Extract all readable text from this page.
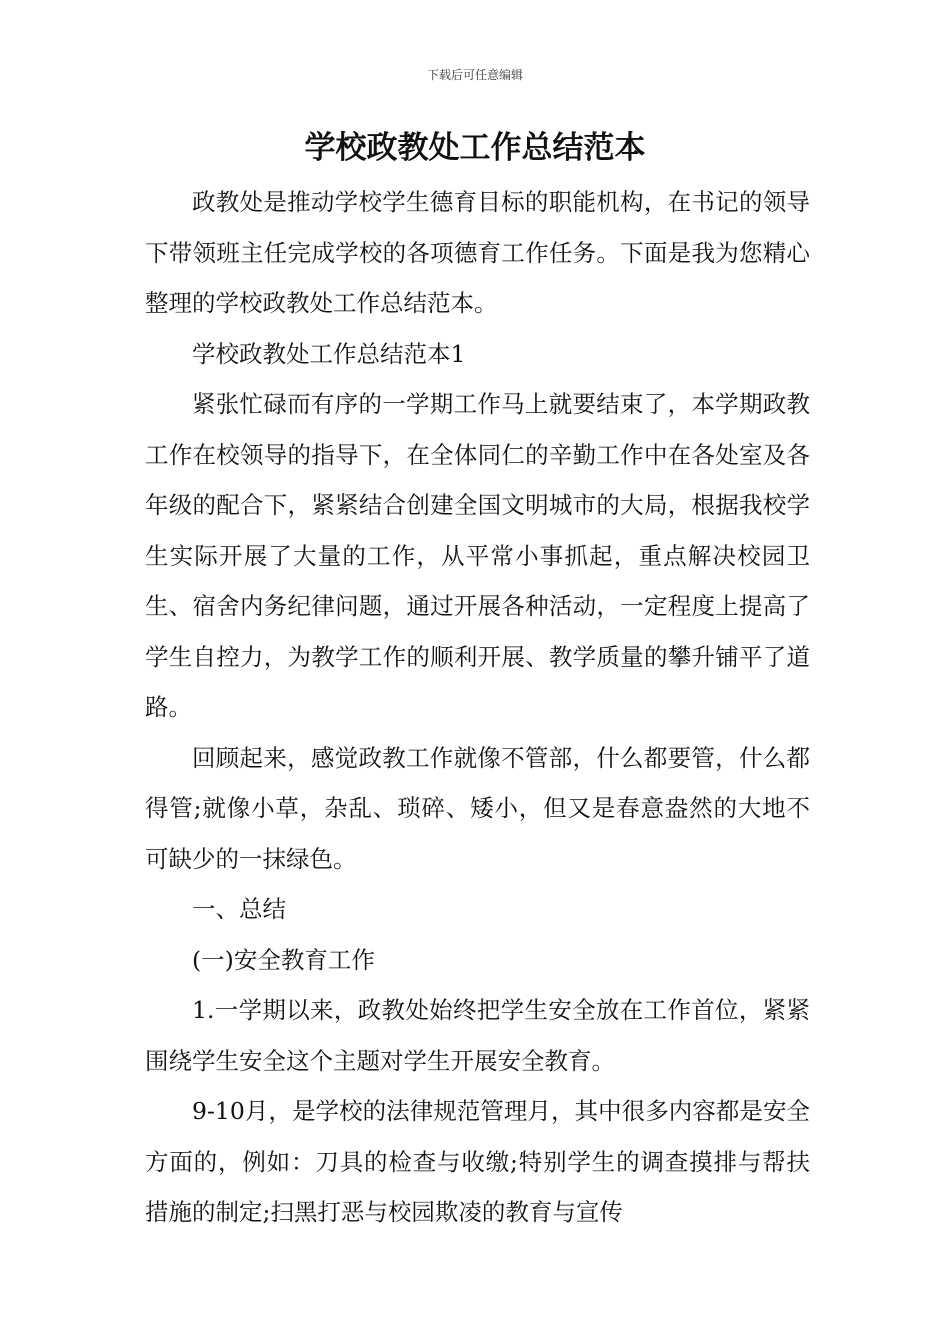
下载后可任意编辑
学校政教处工作总结范本

政教处是推动学校学生德育目标的职能机构，在书记的领导下带领班主任完成学校的各项德育工作任务。下面是我为您精心整理的学校政教处工作总结范本。

学校政教处工作总结范本1

紧张忙碌而有序的一学期工作马上就要结束了，本学期政教工作在校领导的指导下，在全体同仁的辛勤工作中在各处室及各年级的配合下，紧紧结合创建全国文明城市的大局，根据我校学生实际开展了大量的工作，从平常小事抓起，重点解决校园卫生、宿舍内务纪律问题，通过开展各种活动，一定程度上提高了学生自控力，为教学工作的顺利开展、教学质量的攀升铺平了道路。

回顾起来，感觉政教工作就像不管部，什么都要管，什么都得管;就像小草，杂乱、琐碎、矮小，但又是春意盎然的大地不可缺少的一抹绿色。

一、总结

(一)安全教育工作

1.一学期以来，政教处始终把学生安全放在工作首位，紧紧围绕学生安全这个主题对学生开展安全教育。

9-10月，是学校的法律规范管理月，其中很多内容都是安全方面的，例如：刀具的检查与收缴;特别学生的调查摸排与帮扶措施的制定;扫黑打恶与校园欺凌的教育与宣传
